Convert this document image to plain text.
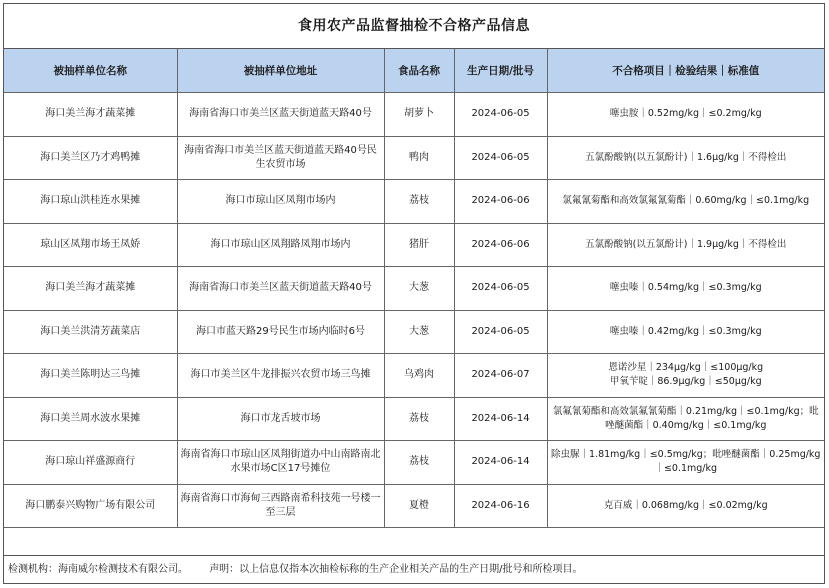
食用农产品监督抽检不合格产品信息
被抽样单位名称	被抽样单位地址	食品名称	生产日期/批号	不合格项目｜检验结果｜标准值
海口美兰海才蔬菜摊	海南省海口市美兰区蓝天街道蓝天路40号	胡萝卜	2024-06-05	噻虫胺｜0.52mg/kg｜≤0.2mg/kg
海口美兰区乃才鸡鸭摊	海南省海口市美兰区蓝天街道蓝天路40号民生农贸市场	鸭肉	2024-06-05	五氯酚酸钠(以五氯酚计)｜1.6μg/kg｜不得检出
海口琼山洪桂连水果摊	海口市琼山区凤翔市场内	荔枝	2024-06-06	氯氟氰菊酯和高效氯氟氰菊酯｜0.60mg/kg｜≤0.1mg/kg
琼山区凤翔市场王凤娇	海口市琼山区凤翔路凤翔市场内	猪肝	2024-06-06	五氯酚酸钠(以五氯酚计)｜1.9μg/kg｜不得检出
海口美兰海才蔬菜摊	海南省海口市美兰区蓝天街道蓝天路40号	大葱	2024-06-05	噻虫嗪｜0.54mg/kg｜≤0.3mg/kg
海口美兰洪清芳蔬菜店	海口市蓝天路29号民生市场内临时6号	大葱	2024-06-05	噻虫嗪｜0.42mg/kg｜≤0.3mg/kg
海口美兰陈明达三鸟摊	海口市美兰区牛龙排振兴农贸市场三鸟摊	乌鸡肉	2024-06-07	恩诺沙星｜234μg/kg｜≤100μg/kg
甲氧苄啶｜86.9μg/kg｜≤50μg/kg
海口美兰周水波水果摊	海口市龙舌坡市场	荔枝	2024-06-14	氯氟氰菊酯和高效氯氟氰菊酯｜0.21mg/kg｜≤0.1mg/kg；吡唑醚菌酯｜0.40mg/kg｜≤0.1mg/kg
海口琼山祥盛源商行	海南省海口市琼山区凤翔街道办中山南路南北水果市场C区17号摊位	荔枝	2024-06-14	除虫脲｜1.81mg/kg｜≤0.5mg/kg；吡唑醚菌酯｜0.25mg/kg｜≤0.1mg/kg
海口鹏泰兴购物广场有限公司	海南省海口市海甸三西路南希科技苑一号楼一至三层	夏橙	2024-06-16	克百威｜0.068mg/kg｜≤0.02mg/kg
检测机构：海南威尔检测技术有限公司。 声明：以上信息仅指本次抽检标称的生产企业相关产品的生产日期/批号和所检项目。
